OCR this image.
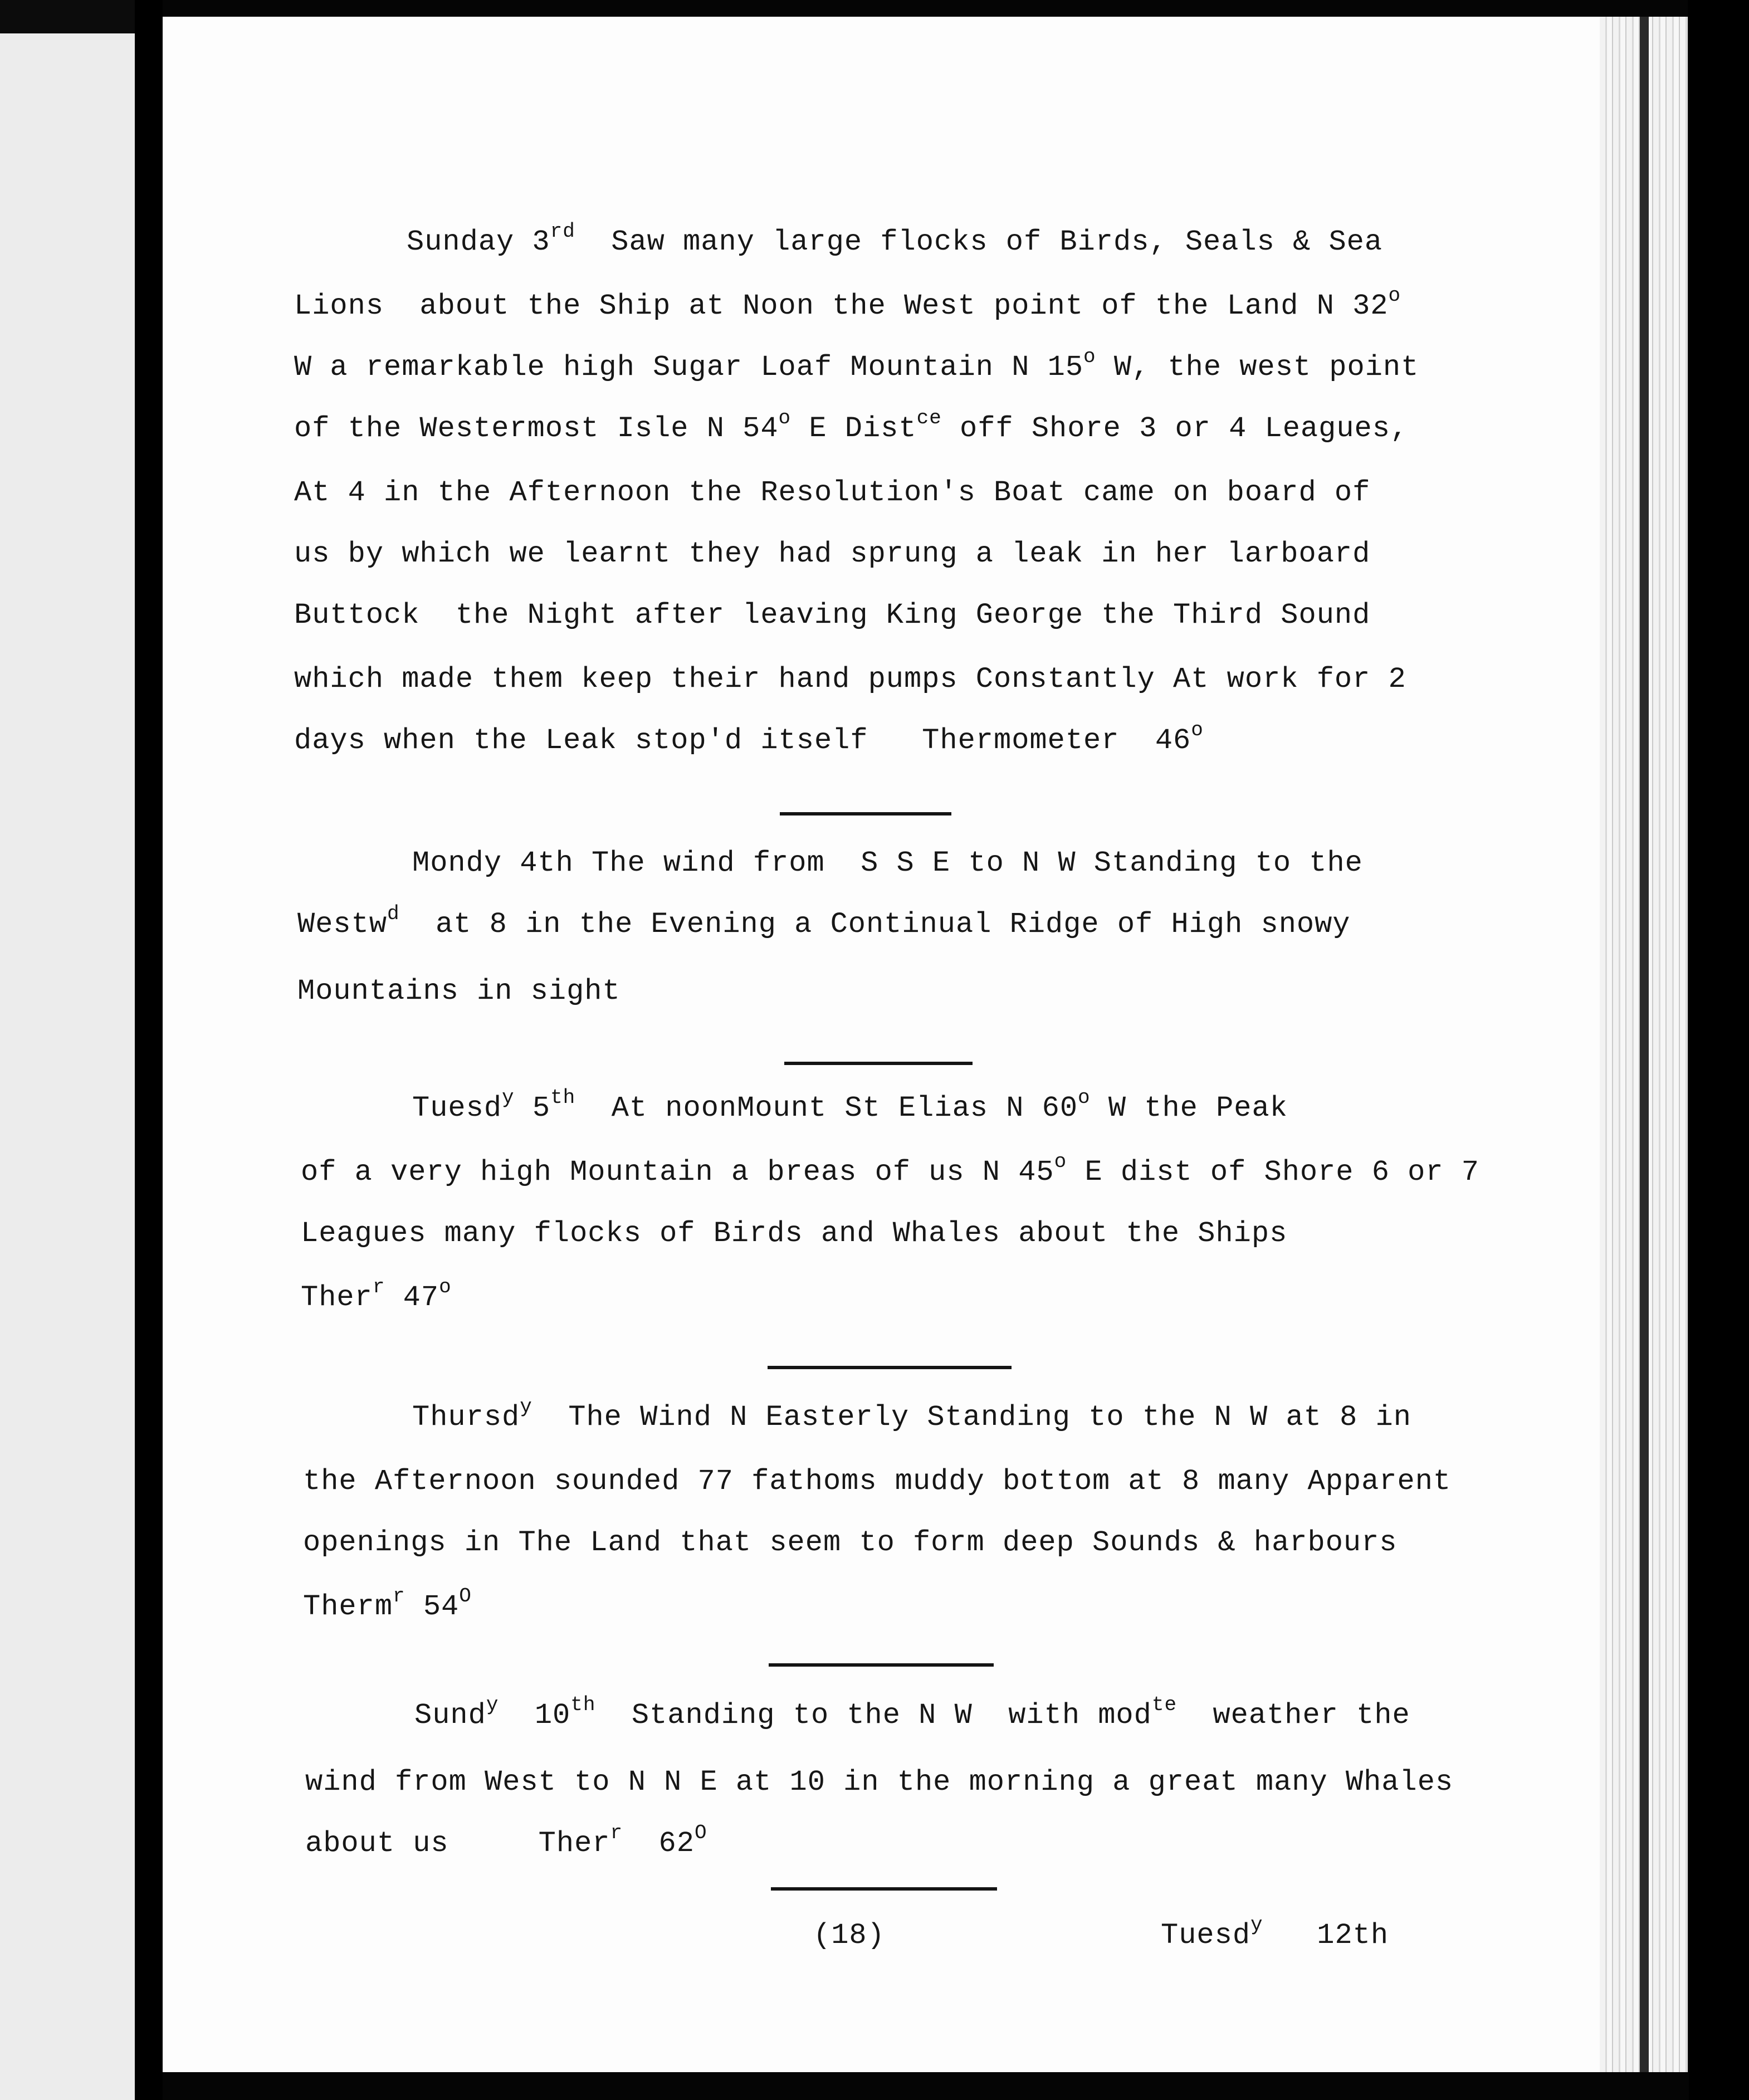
Sunday 3rd  Saw many large flocks of Birds, Seals & Sea

Lions  about the Ship at Noon the West point of the Land N 32$^o$

W a remarkable high Sugar Loaf Mountain N 15$^o$ W, the west point

of the Westermost Isle N 54$^o$ E Dist$^{ce}$ off Shore 3 or 4 Leagues,

At 4 in the Afternoon the Resolution's Boat came on board of

us by which we learnt they had sprung a leak in her larboard

Buttock  the Night after leaving King George the Third Sound

which made them keep their hand pumps Constantly At work for 2

days when the Leak stop'd itself   Thermometer  46$^o$

Mondy 4th The wind from  S S E to N W Standing to the

Westw$^d$  at 8 in the Evening a Continual Ridge of High snowy

Mountains in sight

Tuesd$^y$ 5th  At noonMount St Elias N 60$^o$ W the Peak

of a very high Mountain a breas of us N 45$^o$ E dist of Shore 6 or 7

Leagues many flocks of Birds and Whales about the Ships

Ther$^r$ 47$^o$

Thursd$^y$  The Wind N Easterly Standing to the N W at 8 in

the Afternoon sounded 77 fathoms muddy bottom at 8 many Apparent

openings in The Land that seem to form deep Sounds & harbours

Therm$^r$ $54^O$

Sund$^y$  10th  Standing to the N W  with mod$^{te}$  weather the

wind from West to N N E at 10 in the morning a great many Whales

about us     Ther$^r$  $62^O$

(18)	Tuesd$^y$   12th
